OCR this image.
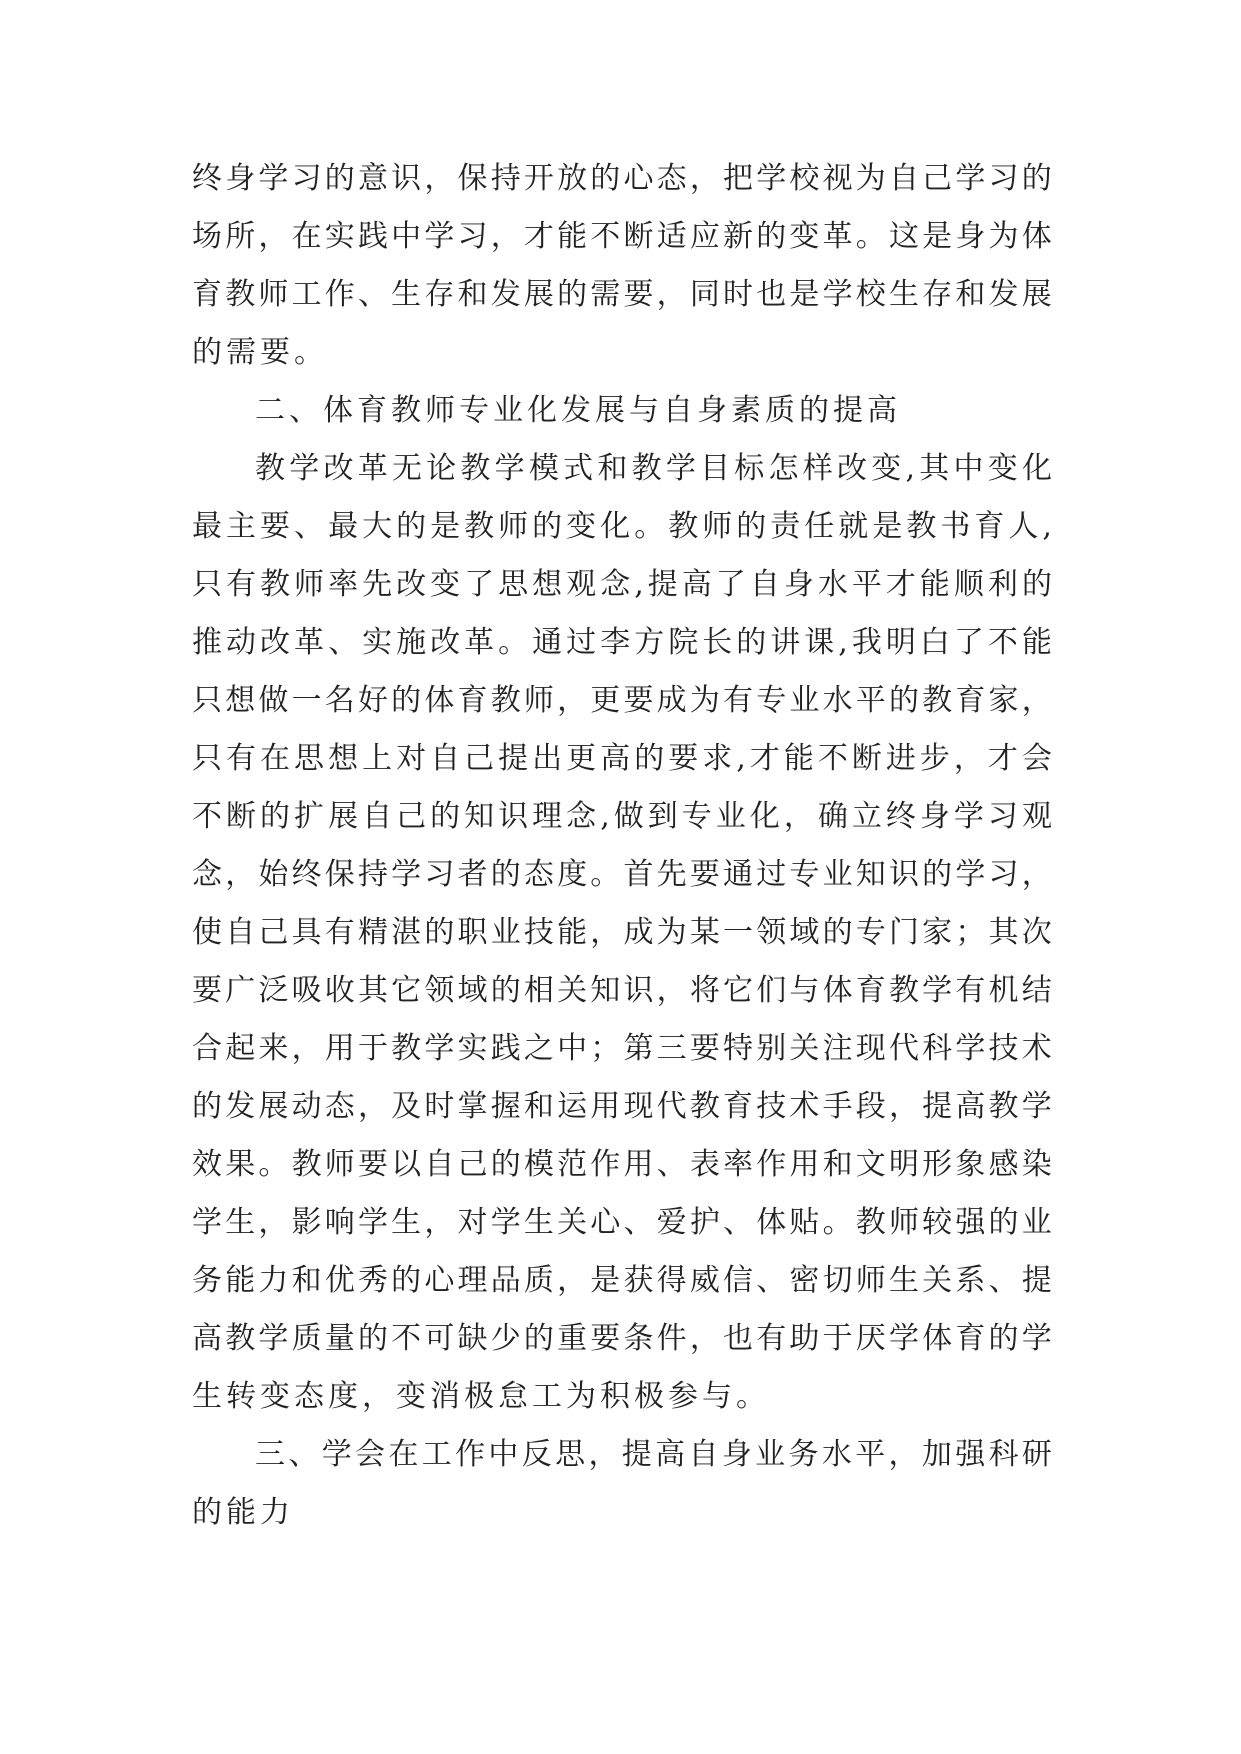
终 身 学 习 的 意 识 ， 保 持 开 放 的 心 态 ， 把 学 校 视 为 自 己 学 习 的
场 所 ， 在 实 践 中 学 习 ， 才 能 不 断 适 应 新 的 变 革 。 这 是 身 为 体
育 教 师 工 作 、 生 存 和 发 展 的 需 要 ， 同 时 也 是 学 校 生 存 和 发 展
的需要。
二、体育教师专业化发展与自身素质的提高
教 学 改 革 无 论 教 学 模 式 和 教 学 目 标 怎 样 改 变 , 其 中 变 化
最 主 要 、 最 大 的 是 教 师 的 变 化 。 教 师 的 责 任 就 是 教 书 育 人 ,
只 有 教 师 率 先 改 变 了 思 想 观 念 , 提 高 了 自 身 水 平 才 能 顺 利 的
推 动 改 革 、 实 施 改 革 。 通 过 李 方 院 长 的 讲 课 , 我 明 白 了 不 能
只 想 做 一 名 好 的 体 育 教 师 ， 更 要 成 为 有 专 业 水 平 的 教 育 家 ，
只 有 在 思 想 上 对 自 己 提 出 更 高 的 要 求 , 才 能 不 断 进 步 ， 才 会
不 断 的 扩 展 自 己 的 知 识 理 念 , 做 到 专 业 化 ， 确 立 终 身 学 习 观
念 ， 始 终 保 持 学 习 者 的 态 度 。 首 先 要 通 过 专 业 知 识 的 学 习 ，
使 自 己 具 有 精 湛 的 职 业 技 能 ， 成 为 某 一 领 域 的 专 门 家 ； 其 次
要 广 泛 吸 收 其 它 领 域 的 相 关 知 识 ， 将 它 们 与 体 育 教 学 有 机 结
合 起 来 ， 用 于 教 学 实 践 之 中 ； 第 三 要 特 别 关 注 现 代 科 学 技 术
的 发 展 动 态 ， 及 时 掌 握 和 运 用 现 代 教 育 技 术 手 段 ， 提 高 教 学
效 果 。 教 师 要 以 自 己 的 模 范 作 用 、 表 率 作 用 和 文 明 形 象 感 染
学 生 ， 影 响 学 生 ， 对 学 生 关 心 、 爱 护 、 体 贴 。 教 师 较 强 的 业
务 能 力 和 优 秀 的 心 理 品 质 ， 是 获 得 威 信 、 密 切 师 生 关 系 、 提
高 教 学 质 量 的 不 可 缺 少 的 重 要 条 件 ， 也 有 助 于 厌 学 体 育 的 学
生转变态度，变消极怠工为积极参与。
三 、 学 会 在 工 作 中 反 思 ， 提 高 自 身 业 务 水 平 ， 加 强 科 研
的能力
